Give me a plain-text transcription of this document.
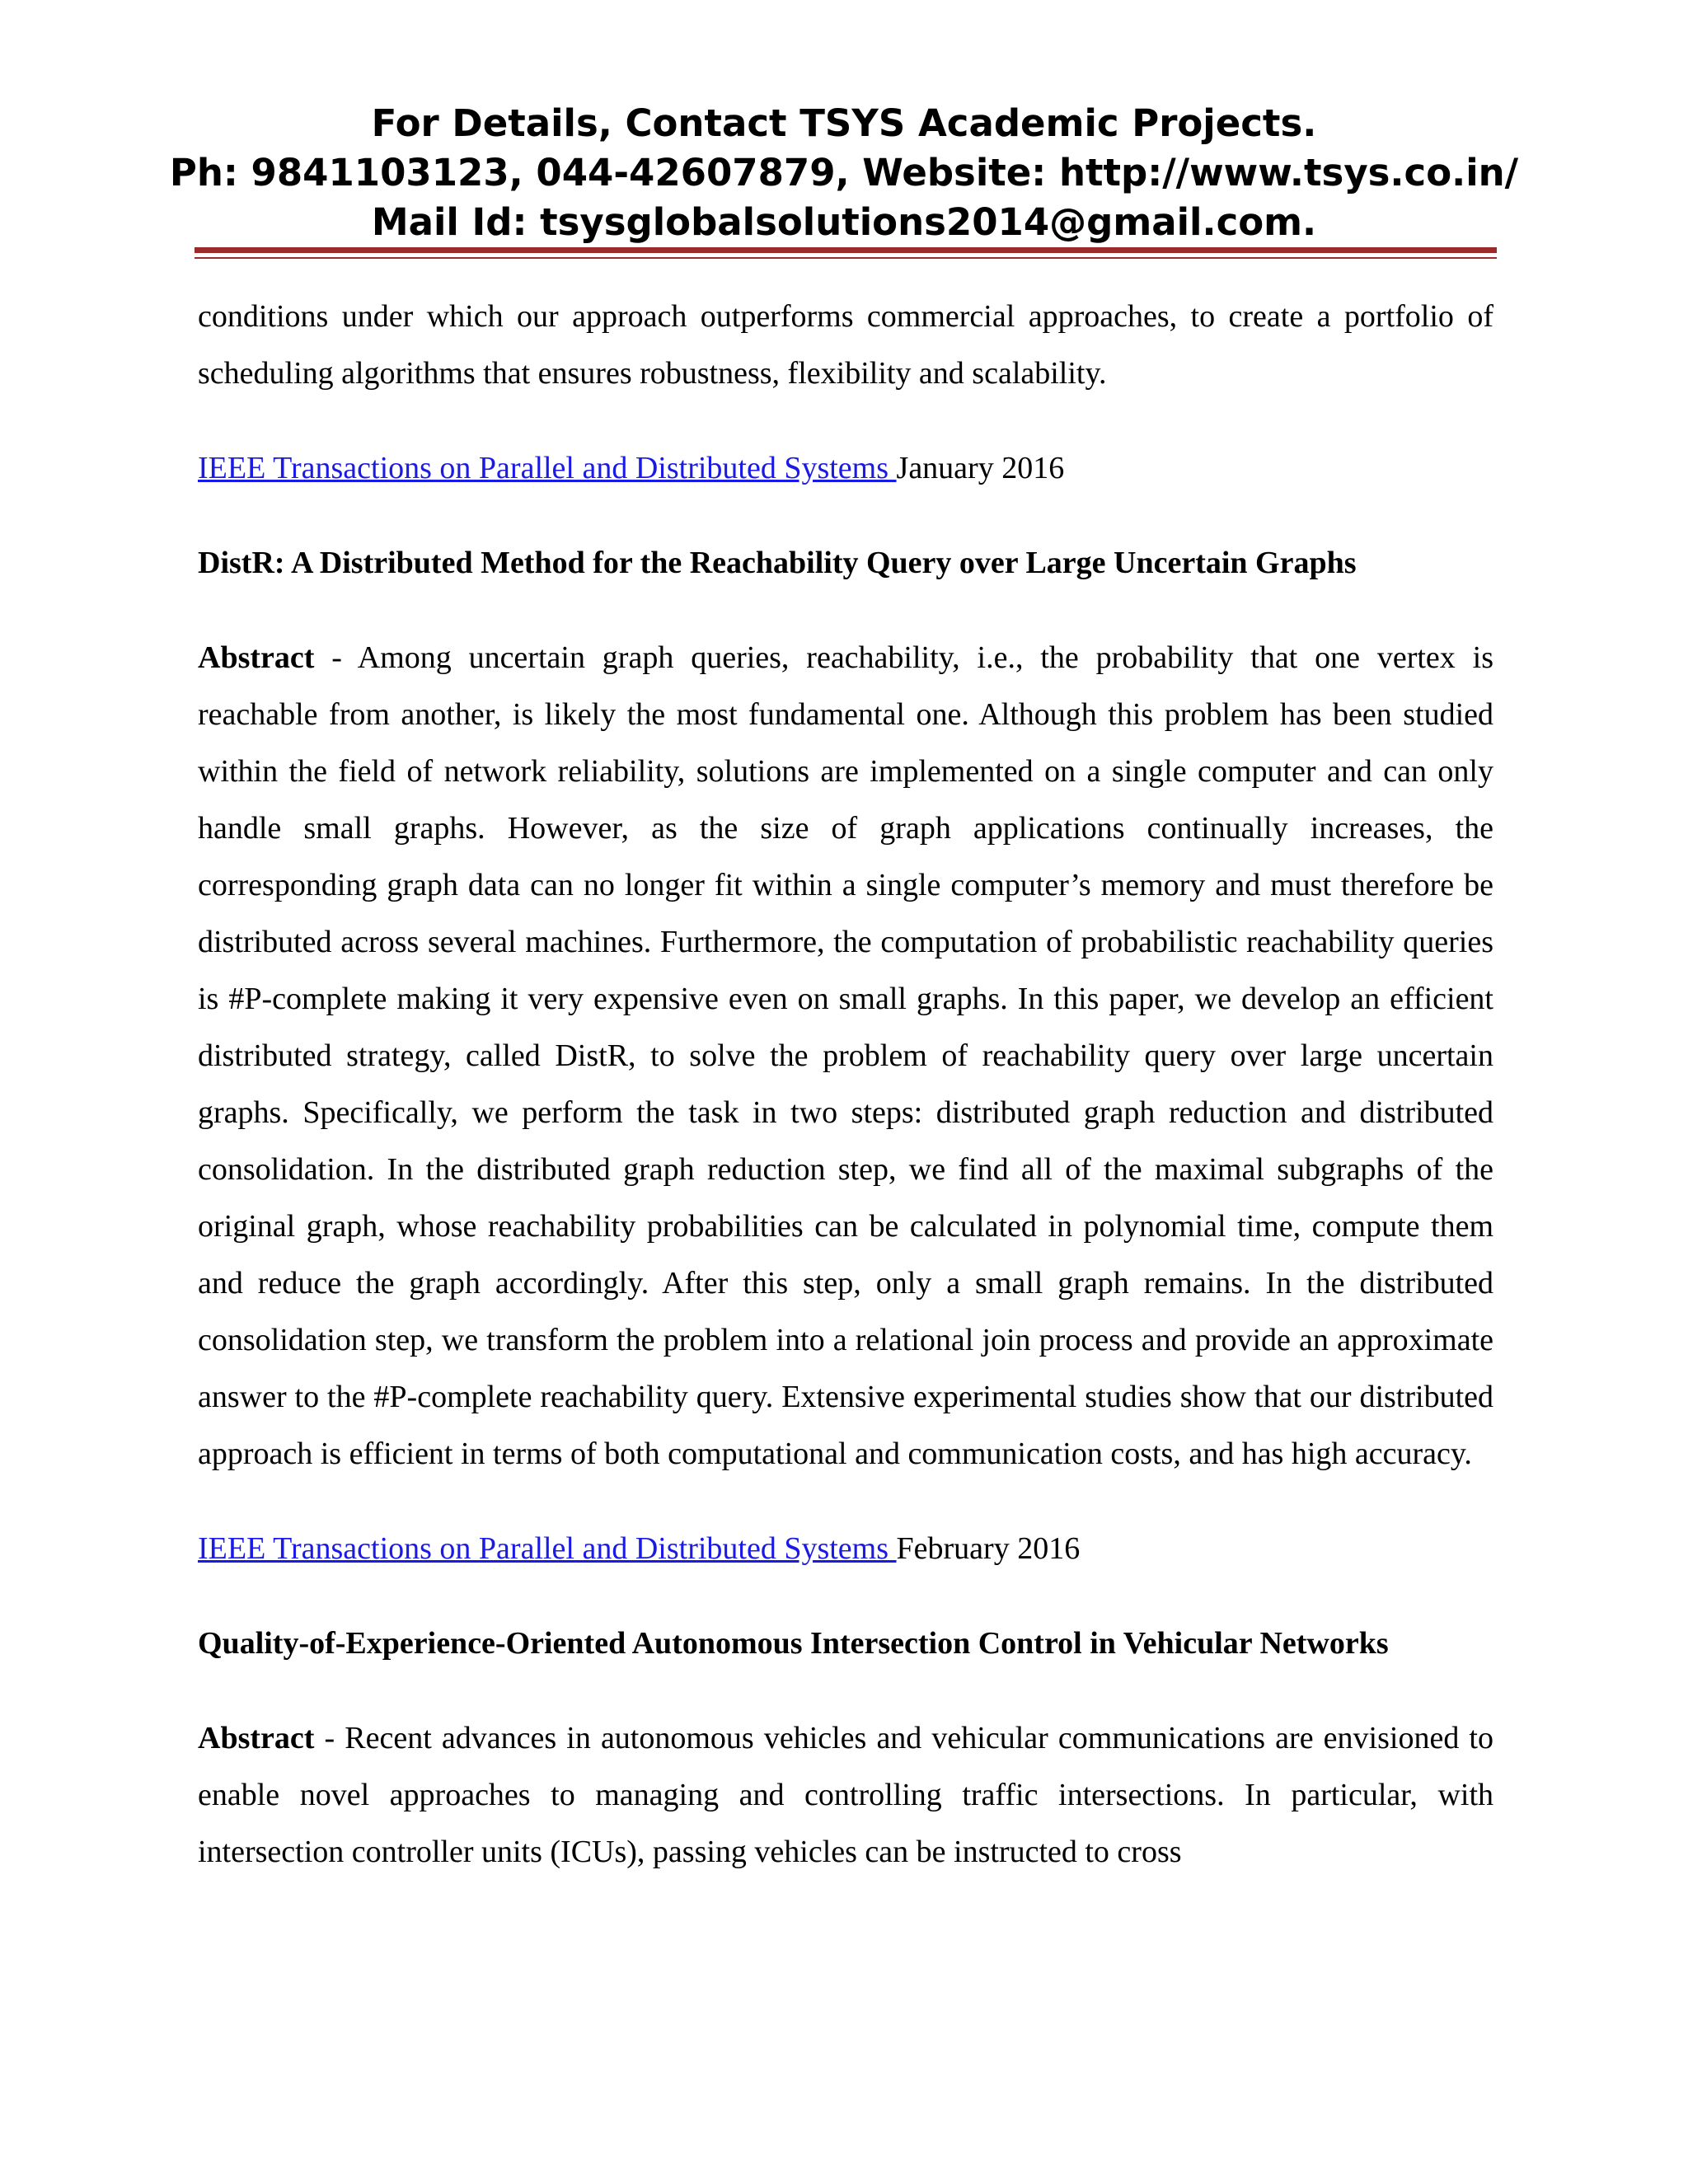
For Details, Contact TSYS Academic Projects.
Ph: 9841103123, 044-42607879, Website: http://www.tsys.co.in/
Mail Id: tsysglobalsolutions2014@gmail.com.

conditions under which our approach outperforms commercial approaches, to create a portfolio of scheduling algorithms that ensures robustness, flexibility and scalability.

IEEE Transactions on Parallel and Distributed Systems January 2016

DistR: A Distributed Method for the Reachability Query over Large Uncertain Graphs

Abstract - Among uncertain graph queries, reachability, i.e., the probability that one vertex is reachable from another, is likely the most fundamental one. Although this problem has been studied within the field of network reliability, solutions are implemented on a single computer and can only handle small graphs. However, as the size of graph applications continually increases, the corresponding graph data can no longer fit within a single computer’s memory and must therefore be distributed across several machines. Furthermore, the computation of probabilistic reachability queries is #P-complete making it very expensive even on small graphs. In this paper, we develop an efficient distributed strategy, called DistR, to solve the problem of reachability query over large uncertain graphs. Specifically, we perform the task in two steps: distributed graph reduction and distributed consolidation. In the distributed graph reduction step, we find all of the maximal subgraphs of the original graph, whose reachability probabilities can be calculated in polynomial time, compute them and reduce the graph accordingly. After this step, only a small graph remains. In the distributed consolidation step, we transform the problem into a relational join process and provide an approximate answer to the #P-complete reachability query. Extensive experimental studies show that our distributed approach is efficient in terms of both computational and communication costs, and has high accuracy.

IEEE Transactions on Parallel and Distributed Systems February 2016

Quality-of-Experience-Oriented Autonomous Intersection Control in Vehicular Networks

Abstract - Recent advances in autonomous vehicles and vehicular communications are envisioned to enable novel approaches to managing and controlling traffic intersections. In particular, with intersection controller units (ICUs), passing vehicles can be instructed to cross
